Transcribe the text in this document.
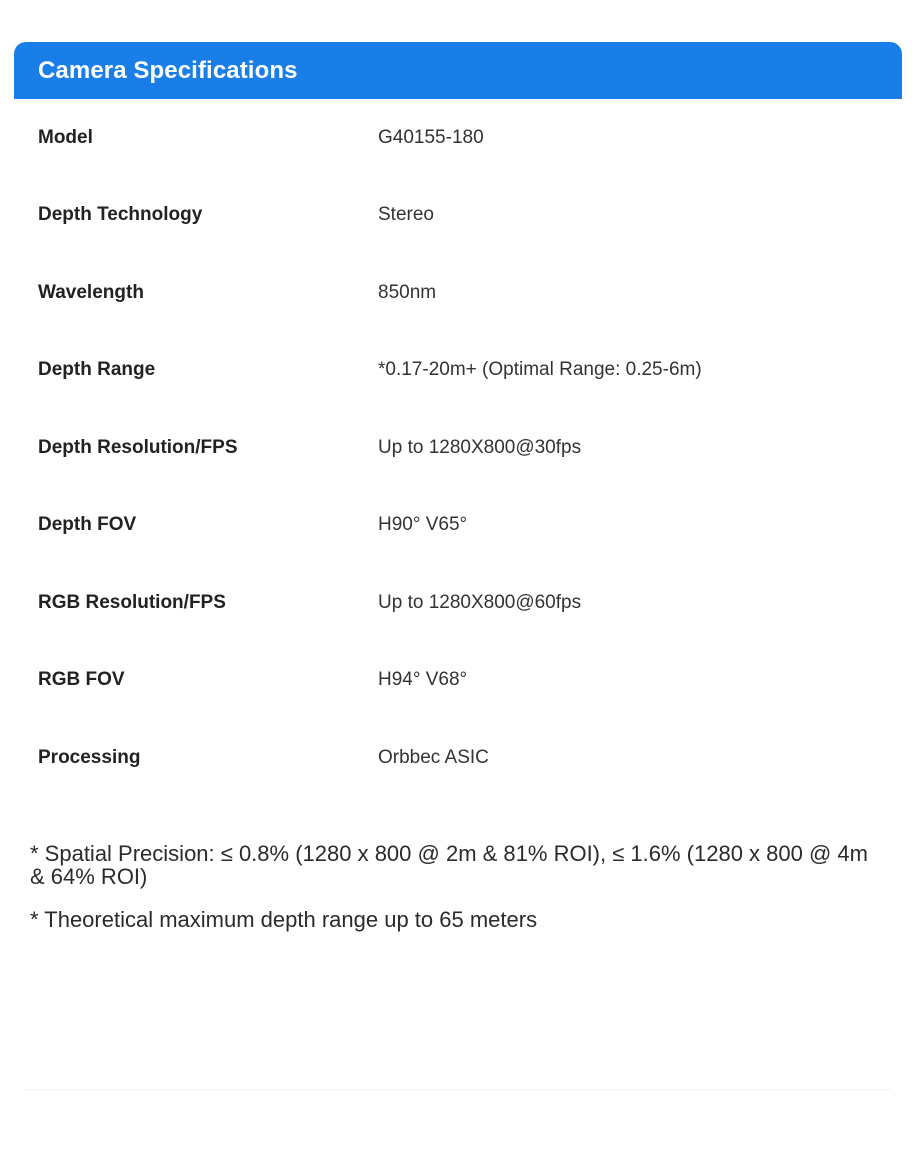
Camera Specifications
Model	G40155-180
Depth Technology	Stereo
Wavelength	850nm
Depth Range	*0.17-20m+ (Optimal Range: 0.25-6m)
Depth Resolution/FPS	Up to 1280X800@30fps
Depth FOV	H90° V65°
RGB Resolution/FPS	Up to 1280X800@60fps
RGB FOV	H94° V68°
Processing	Orbbec ASIC

* Spatial Precision: ≤ 0.8% (1280 x 800 @ 2m & 81% ROI), ≤ 1.6% (1280 x 800 @ 4m & 64% ROI)

* Theoretical maximum depth range up to 65 meters
